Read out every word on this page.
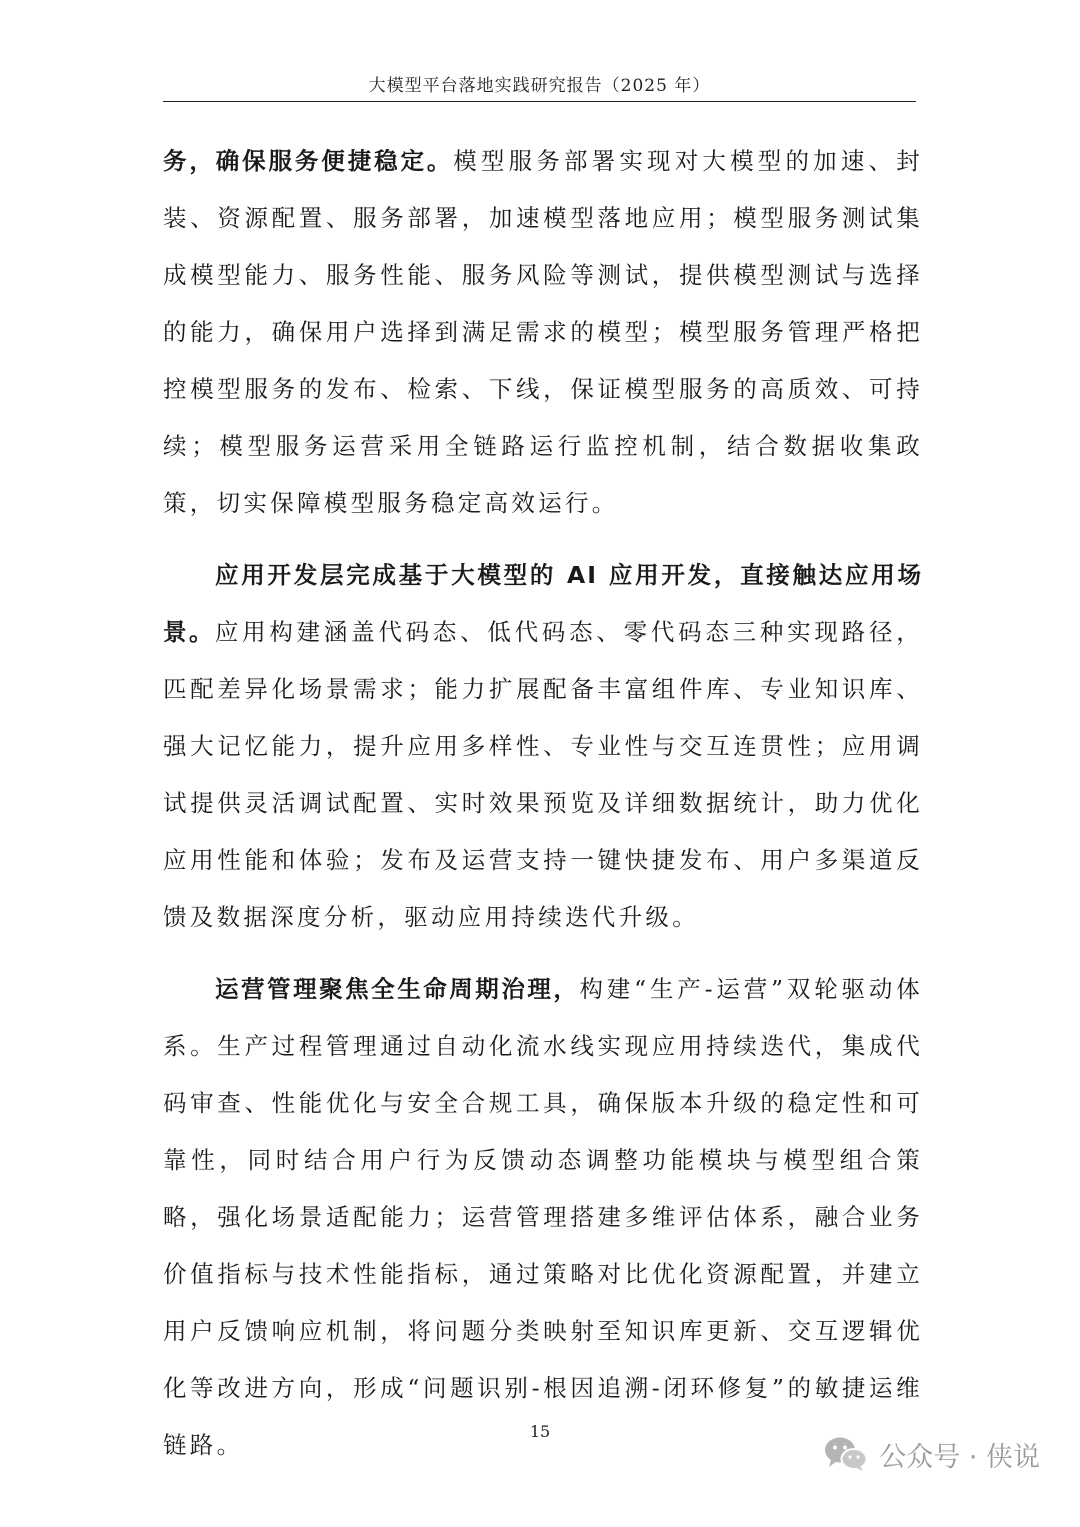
大模型平台落地实践研究报告（2025 年）

务，确保服务便捷稳定。模型服务部署实现对大模型的加速、封装、资源配置、服务部署，加速模型落地应用；模型服务测试集成模型能力、服务性能、服务风险等测试，提供模型测试与选择的能力，确保用户选择到满足需求的模型；模型服务管理严格把控模型服务的发布、检索、下线，保证模型服务的高质效、可持续；模型服务运营采用全链路运行监控机制，结合数据收集政策，切实保障模型服务稳定高效运行。

应用开发层完成基于大模型的 AI 应用开发，直接触达应用场景。应用构建涵盖代码态、低代码态、零代码态三种实现路径，匹配差异化场景需求；能力扩展配备丰富组件库、专业知识库、强大记忆能力，提升应用多样性、专业性与交互连贯性；应用调试提供灵活调试配置、实时效果预览及详细数据统计，助力优化应用性能和体验；发布及运营支持一键快捷发布、用户多渠道反馈及数据深度分析，驱动应用持续迭代升级。

运营管理聚焦全生命周期治理，构建“生产-运营”双轮驱动体系。生产过程管理通过自动化流水线实现应用持续迭代，集成代码审查、性能优化与安全合规工具，确保版本升级的稳定性和可靠性，同时结合用户行为反馈动态调整功能模块与模型组合策略，强化场景适配能力；运营管理搭建多维评估体系，融合业务价值指标与技术性能指标，通过策略对比优化资源配置，并建立用户反馈响应机制，将问题分类映射至知识库更新、交互逻辑优化等改进方向，形成“问题识别-根因追溯-闭环修复”的敏捷运维链路。	15
公众号 · 侠说
